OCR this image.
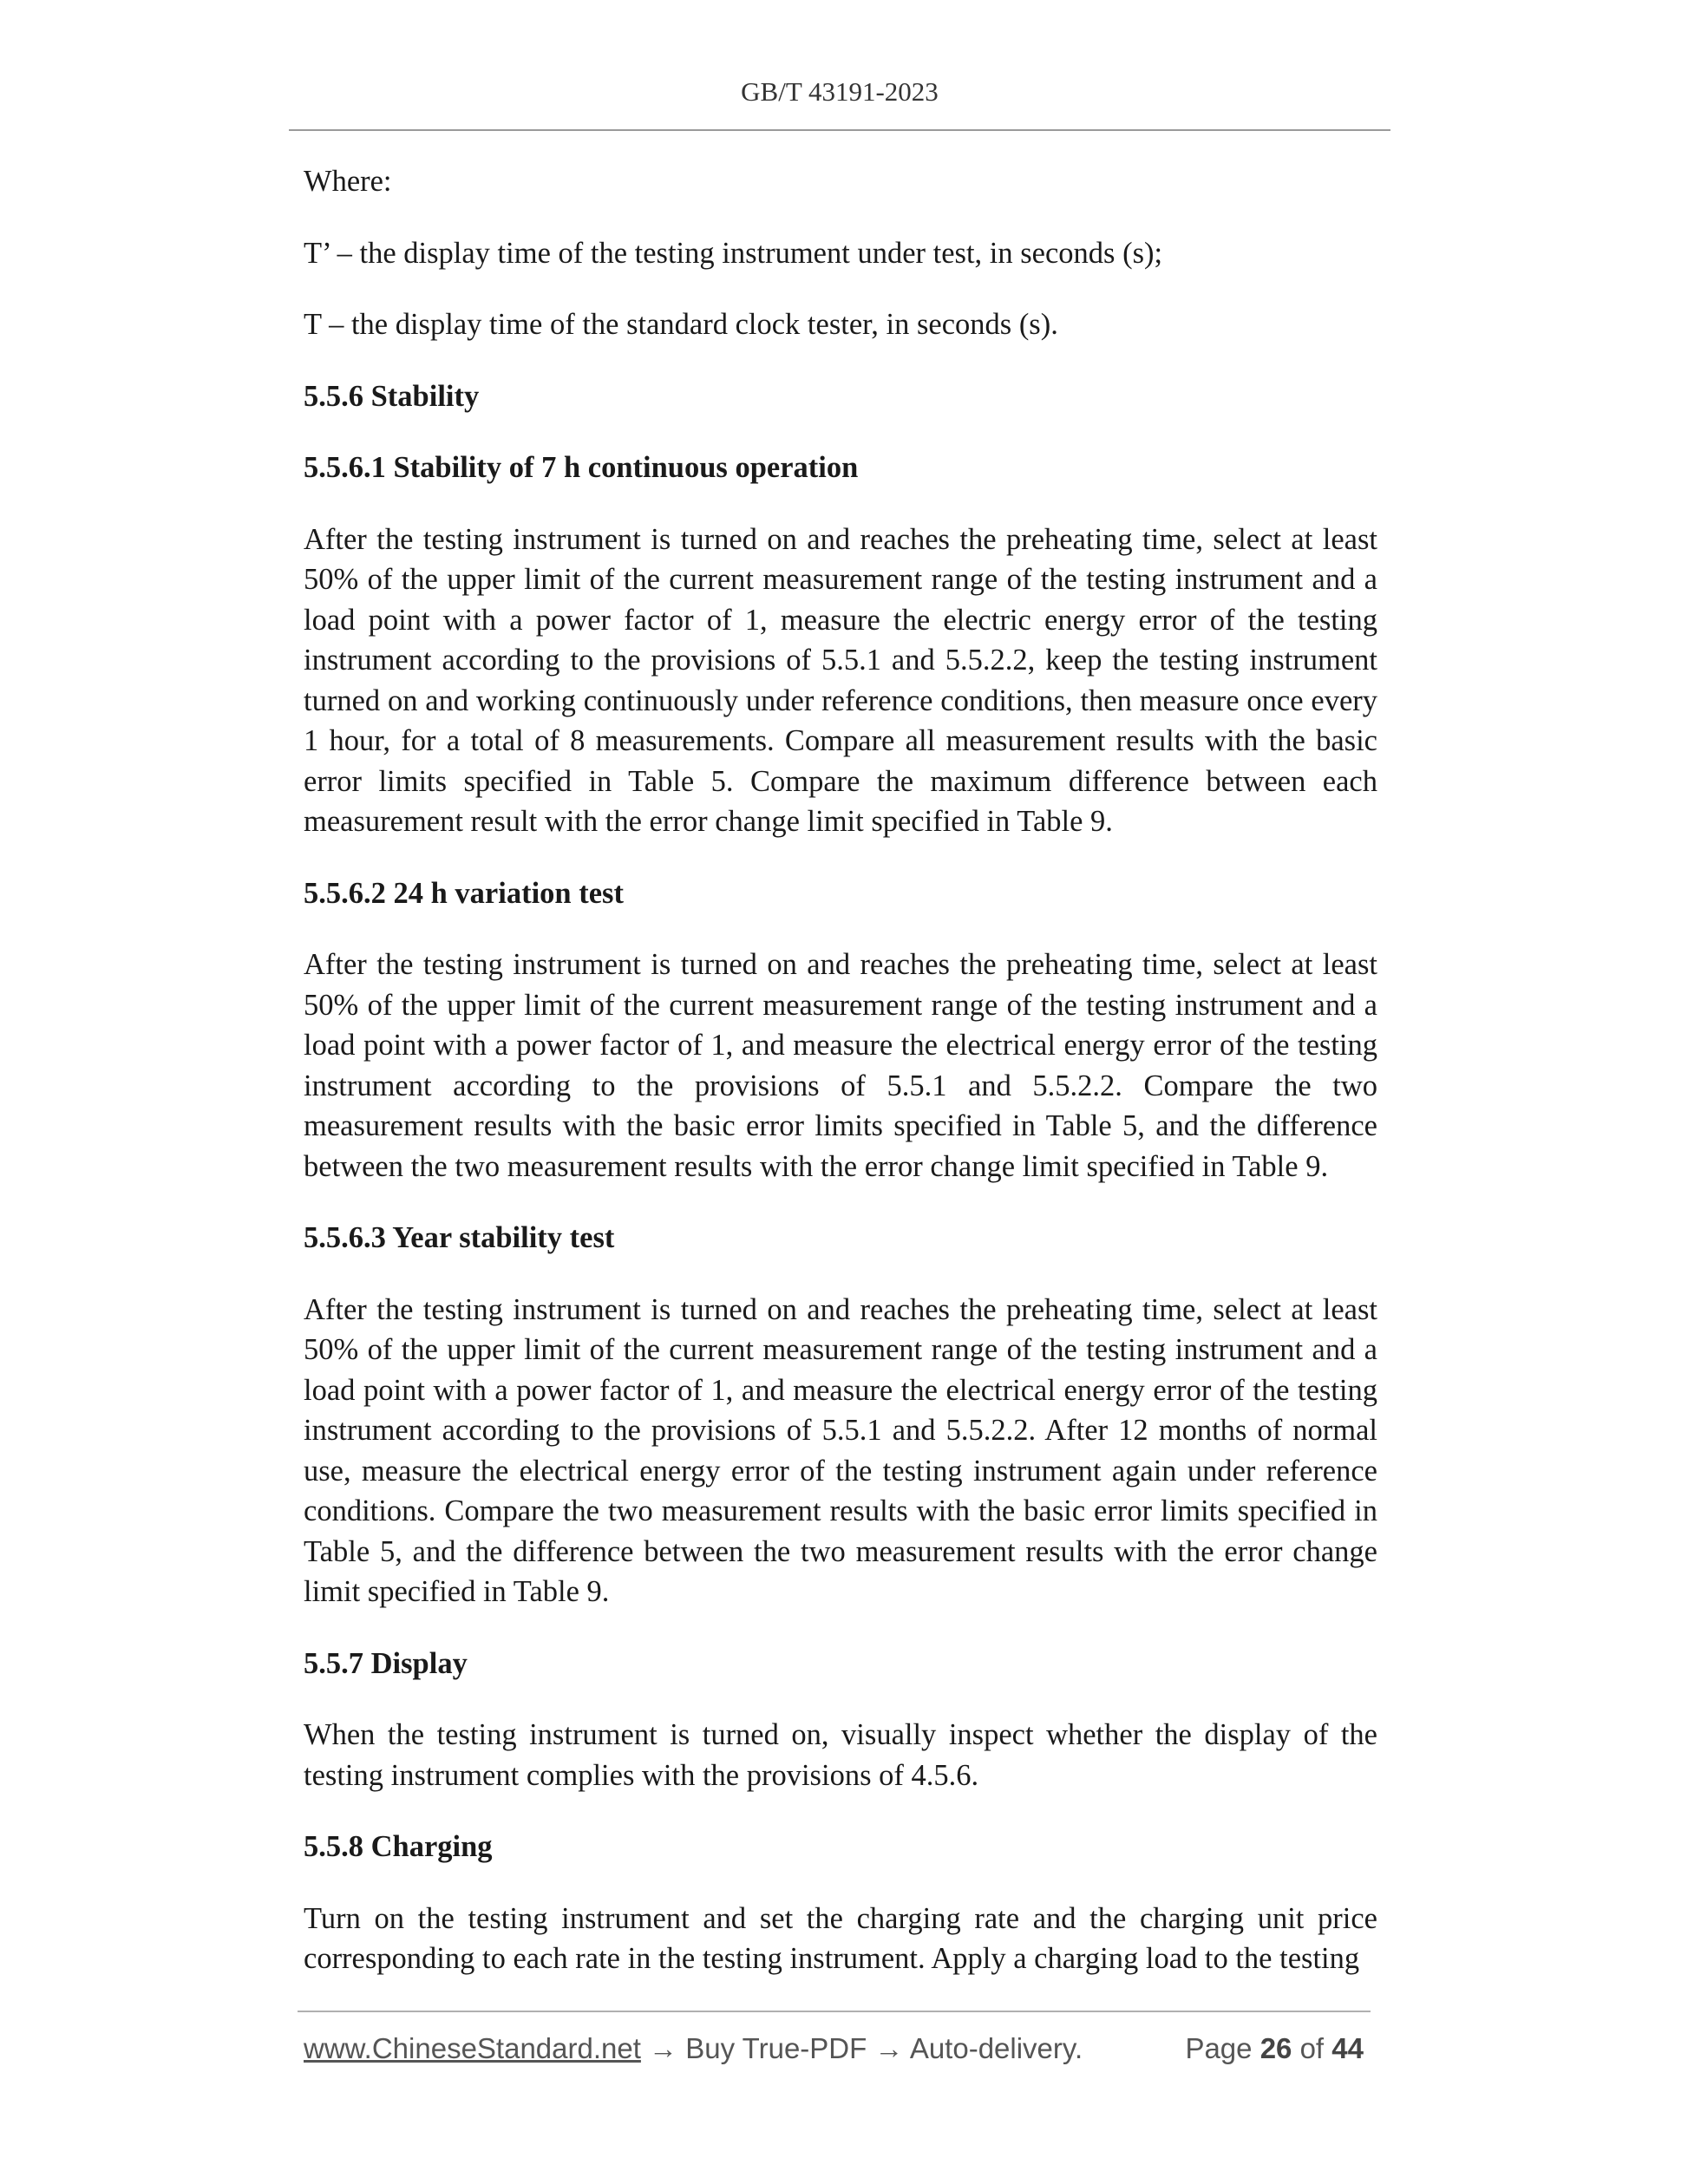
GB/T 43191-2023

Where:

T’ – the display time of the testing instrument under test, in seconds (s);

T – the display time of the standard clock tester, in seconds (s).

5.5.6 Stability
5.5.6.1 Stability of 7 h continuous operation

After the testing instrument is turned on and reaches the preheating time, select at least 50% of the upper limit of the current measurement range of the testing instrument and a load point with a power factor of 1, measure the electric energy error of the testing instrument according to the provisions of 5.5.1 and 5.5.2.2, keep the testing instrument turned on and working continuously under reference conditions, then measure once every 1 hour, for a total of 8 measurements. Compare all measurement results with the basic error limits specified in Table 5. Compare the maximum difference between each measurement result with the error change limit specified in Table 9.

5.5.6.2 24 h variation test

After the testing instrument is turned on and reaches the preheating time, select at least 50% of the upper limit of the current measurement range of the testing instrument and a load point with a power factor of 1, and measure the electrical energy error of the testing instrument according to the provisions of 5.5.1 and 5.5.2.2. Compare the two measurement results with the basic error limits specified in Table 5, and the difference between the two measurement results with the error change limit specified in Table 9.

5.5.6.3 Year stability test

After the testing instrument is turned on and reaches the preheating time, select at least 50% of the upper limit of the current measurement range of the testing instrument and a load point with a power factor of 1, and measure the electrical energy error of the testing instrument according to the provisions of 5.5.1 and 5.5.2.2. After 12 months of normal use, measure the electrical energy error of the testing instrument again under reference conditions. Compare the two measurement results with the basic error limits specified in Table 5, and the difference between the two measurement results with the error change limit specified in Table 9.

5.5.7 Display

When the testing instrument is turned on, visually inspect whether the display of the testing instrument complies with the provisions of 4.5.6.

5.5.8 Charging

Turn on the testing instrument and set the charging rate and the charging unit price corresponding to each rate in the testing instrument. Apply a charging load to the testing

www.ChineseStandard.net → Buy True-PDF → Auto-delivery.	Page 26 of 44
